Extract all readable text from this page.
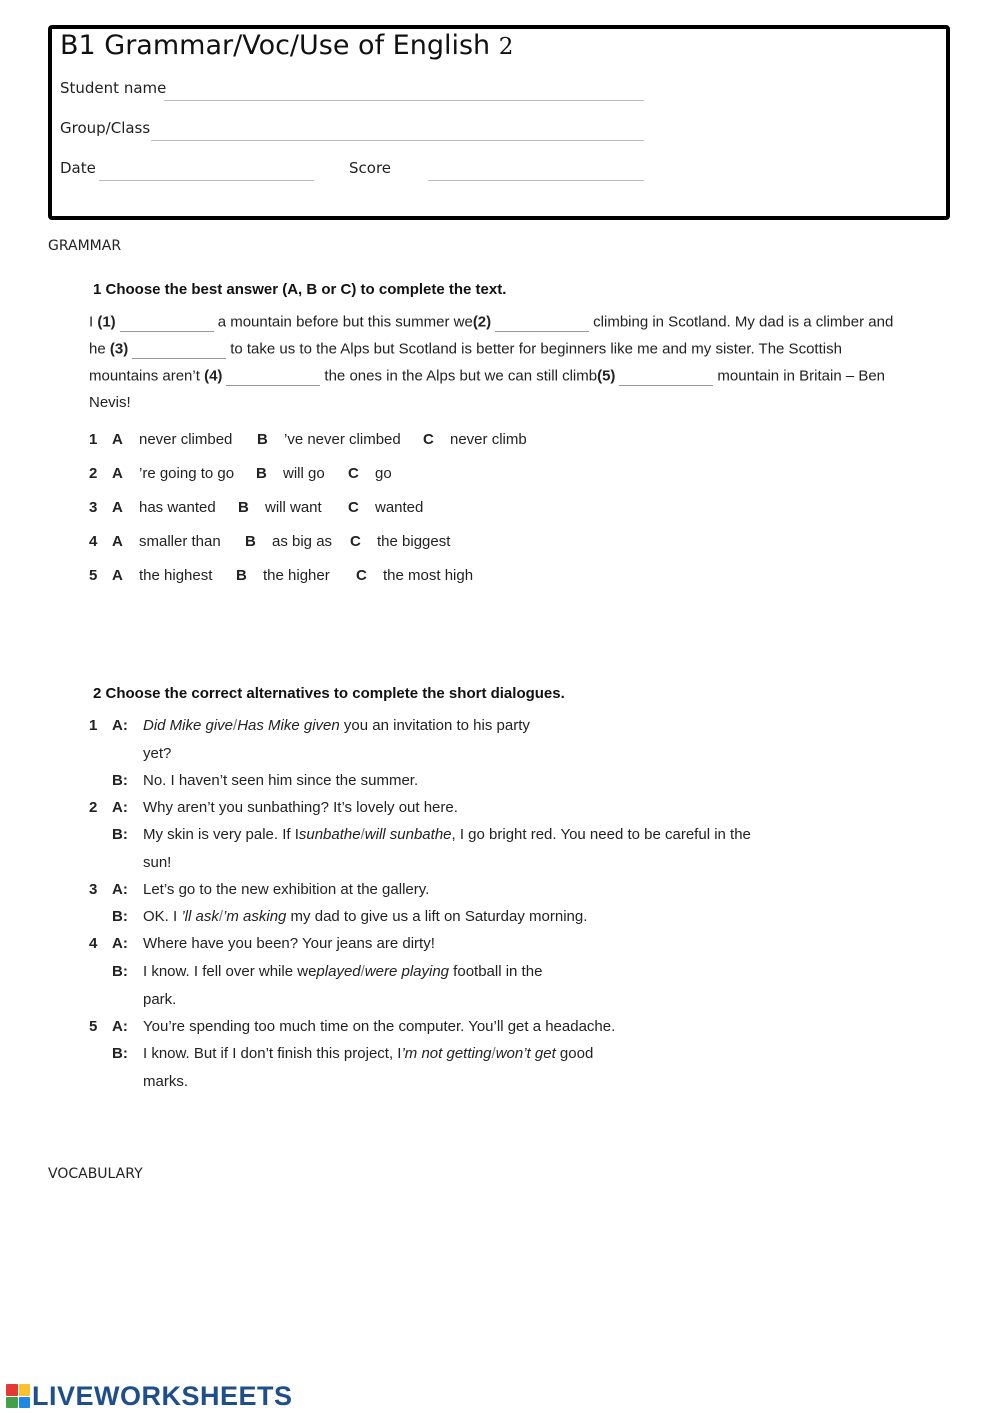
B1 Grammar/Voc/Use of English 2
Student name
Group/Class
Date	Score
GRAMMAR
1 Choose the best answer (A, B or C) to complete the text.
I (1)	a mountain before but this summer we(2)	climbing in Scotland. My dad is a climber and
he (3)	to take us to the Alps but Scotland is better for beginners like me and my sister. The Scottish
mountains aren’t (4)	the ones in the Alps but we can still climb(5)	mountain in Britain – Ben
Nevis!
1 A never climbed B ’ve never climbed C never climb
2 A ’re going to go B will go C go
3 A has wanted B will want C wanted
4 A smaller than B as big as C the biggest
5 A the highest B the higher C the most high
2 Choose the correct alternatives to complete the short dialogues.
1 A: Did Mike give/Has Mike given you an invitation to his party
yet?
B: No. I haven’t seen him since the summer.
2 A: Why aren’t you sunbathing? It’s lovely out here.
B: My skin is very pale. If Isunbathe/will sunbathe, I go bright red. You need to be careful in the
sun!
3 A: Let’s go to the new exhibition at the gallery.
B: OK. I ’ll ask/’m asking my dad to give us a lift on Saturday morning.
4 A: Where have you been? Your jeans are dirty!
B: I know. I fell over while weplayed/were playing football in the
park.
5 A: You’re spending too much time on the computer. You’ll get a headache.
B: I know. But if I don’t finish this project, I’m not getting/won’t get good
marks.
VOCABULARY
LIVEWORKSHEETS
